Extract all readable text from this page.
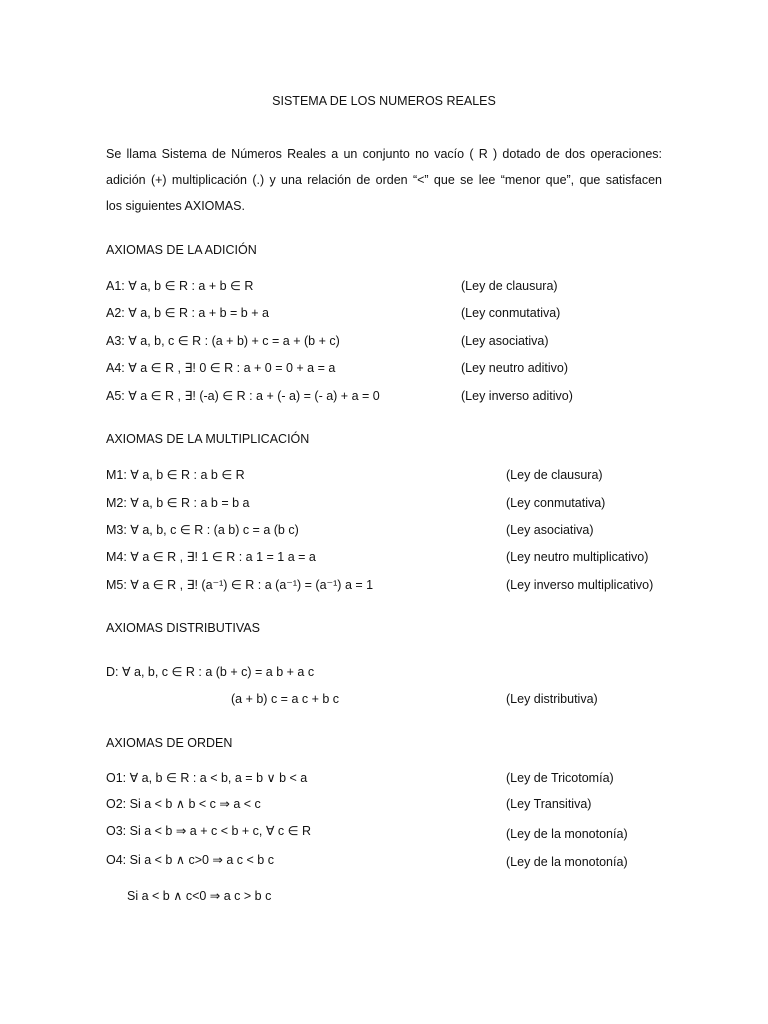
SISTEMA DE LOS NUMEROS REALES
Se llama Sistema de Números Reales a un conjunto no vacío ( R ) dotado de dos operaciones:
adición (+) multiplicación (.) y una relación de orden “<” que se lee “menor que”, que satisfacen
los siguientes AXIOMAS.
AXIOMAS DE LA ADICIÓN
A1: ∀ a, b ∈ R : a + b ∈ R	(Ley de clausura)
A2: ∀ a, b ∈ R : a + b = b + a	(Ley conmutativa)
A3: ∀ a, b, c ∈ R : (a + b) + c = a + (b + c)	(Ley asociativa)
A4: ∀ a ∈ R , ∃! 0 ∈ R : a + 0 = 0 + a = a	(Ley neutro aditivo)
A5: ∀ a ∈ R , ∃! (-a) ∈ R : a + (- a) = (- a) + a = 0	(Ley inverso aditivo)
AXIOMAS DE LA MULTIPLICACIÓN
M1: ∀ a, b ∈ R : a b ∈ R	(Ley de clausura)
M2: ∀ a, b ∈ R : a b = b a	(Ley conmutativa)
M3: ∀ a, b, c ∈ R : (a b) c = a (b c)	(Ley asociativa)
M4: ∀ a ∈ R , ∃! 1 ∈ R : a 1 = 1 a = a	(Ley neutro multiplicativo)
M5: ∀ a ∈ R , ∃! (a⁻¹) ∈ R : a (a⁻¹) = (a⁻¹) a = 1	(Ley inverso multiplicativo)
AXIOMAS DISTRIBUTIVAS
D: ∀ a, b, c ∈ R : a (b + c) = a b + a c
(a + b) c = a c + b c	(Ley distributiva)
AXIOMAS DE ORDEN
O1: ∀ a, b ∈ R : a < b, a = b ∨ b < a	(Ley de Tricotomía)
O2: Si a < b ∧ b < c ⇒ a < c	(Ley Transitiva)
O3: Si a < b ⇒ a + c < b + c, ∀ c ∈ R	(Ley de la monotonía)
O4: Si a < b ∧ c>0 ⇒ a c < b c	(Ley de la monotonía)
Si a < b ∧ c<0 ⇒ a c > b c
